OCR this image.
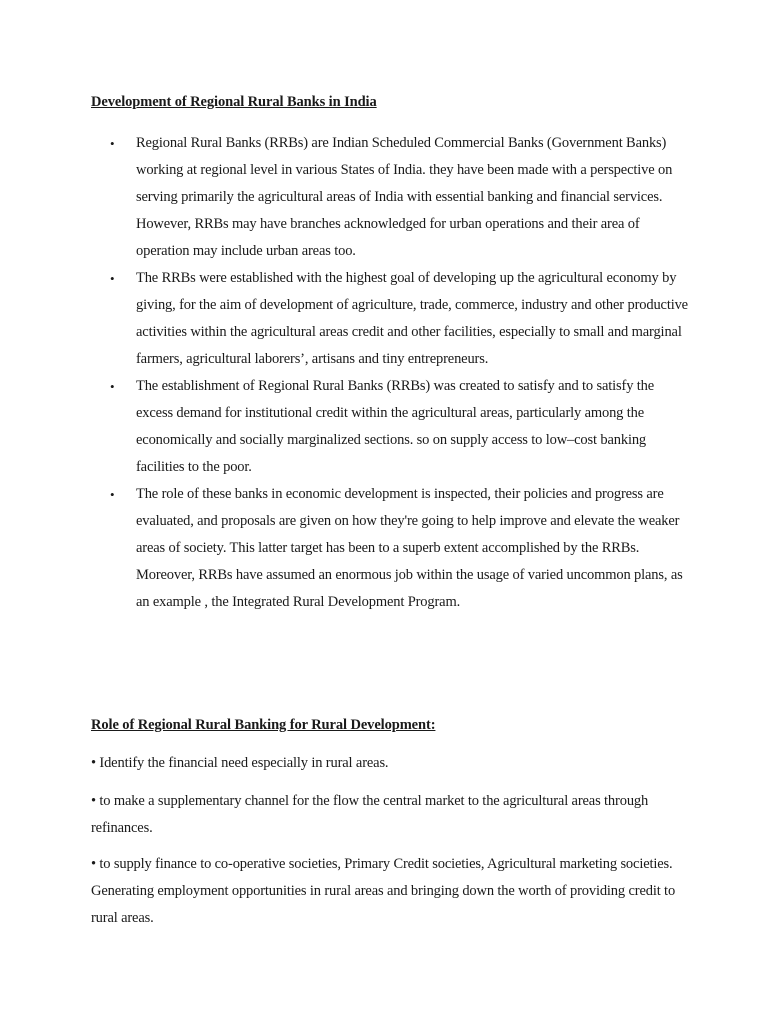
Development of Regional Rural Banks in India
• Regional Rural Banks (RRBs) are Indian Scheduled Commercial Banks (Government Banks) working at regional level in various States of India. they have been made with a perspective on serving primarily the agricultural areas of India with essential banking and financial services. However, RRBs may have branches acknowledged for urban operations and their area of operation may include urban areas too.
• The RRBs were established with the highest goal of developing up the agricultural economy by giving, for the aim of development of agriculture, trade, commerce, industry and other productive activities within the agricultural areas credit and other facilities, especially to small and marginal farmers, agricultural laborers’, artisans and tiny entrepreneurs.
• The establishment of Regional Rural Banks (RRBs) was created to satisfy and to satisfy the excess demand for institutional credit within the agricultural areas, particularly among the economically and socially marginalized sections. so on supply access to low–cost banking facilities to the poor.
• The role of these banks in economic development is inspected, their policies and progress are evaluated, and proposals are given on how they're going to help improve and elevate the weaker areas of society. This latter target has been to a superb extent accomplished by the RRBs. Moreover, RRBs have assumed an enormous job within the usage of varied uncommon plans, as an example , the Integrated Rural Development Program.
Role of Regional Rural Banking for Rural Development:

• Identify the financial need especially in rural areas.

• to make a supplementary channel for the flow the central market to the agricultural areas through refinances.

• to supply finance to co-operative societies, Primary Credit societies, Agricultural marketing societies. Generating employment opportunities in rural areas and bringing down the worth of providing credit to rural areas.
